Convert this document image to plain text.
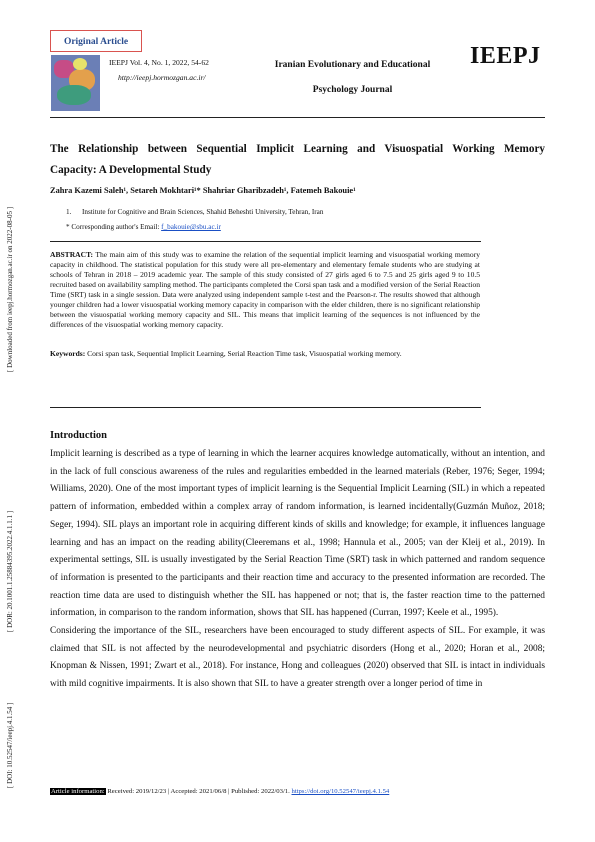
Original Article
IEEPJ Vol. 4, No. 1, 2022, 54-62
http://ieepj.hormozgan.ac.ir/
Iranian Evolutionary and Educational
Psychology Journal
IEEPJ
The Relationship between Sequential Implicit Learning and Visuospatial Working Memory
Capacity: A Developmental Study
Zahra Kazemi Saleh¹, Setareh Mokhtari¹* Shahriar Gharibzadeh¹, Fatemeh Bakouie¹
1. Institute for Cognitive and Brain Sciences, Shahid Beheshti University, Tehran, Iran
* Corresponding author's Email: f_bakouie@sbu.ac.ir
ABSTRACT: The main aim of this study was to examine the relation of the sequential implicit learning and visuospatial working memory capacity in childhood. The statistical population for this study were all pre-elementary and elementary female students who are studying at schools of Tehran in 2018 – 2019 academic year. The sample of this study consisted of 27 girls aged 6 to 7.5 and 25 girls aged 9 to 10.5 recruited based on availability sampling method. The participants completed the Corsi span task and a modified version of the Serial Reaction Time (SRT) task in a single session. Data were analyzed using independent sample t-test and the Pearson-r. The results showed that although younger children had a lower visuospatial working memory capacity in comparison with the elder children, there is no significant relationship between the visuospatial working memory capacity and SIL. This means that implicit learning of the sequences is not influenced by the differences of the visuospatial working memory capacity.
Keywords: Corsi span task, Sequential Implicit Learning, Serial Reaction Time task, Visuospatial working memory.
Introduction

Implicit learning is described as a type of learning in which the learner acquires knowledge automatically, without an intention, and in the lack of full conscious awareness of the rules and regularities embedded in the learned materials (Reber, 1976; Seger, 1994; Williams, 2020). One of the most important types of implicit learning is the Sequential Implicit Learning (SIL) in which a repeated pattern of information, embedded within a complex array of random information, is learned incidentally(Guzmán Muñoz, 2018; Seger, 1994). SIL plays an important role in acquiring different kinds of skills and knowledge; for example, it influences language learning and has an impact on the reading ability(Cleeremans et al., 1998; Hannula et al., 2005; van der Kleij et al., 2019). In experimental settings, SIL is usually investigated by the Serial Reaction Time (SRT) task in which patterned and random sequence of information is presented to the participants and their reaction time and accuracy to the presented information are recorded. The reaction time data are used to distinguish whether the SIL has happened or not; that is, the faster reaction time to the patterned information, in comparison to the random information, shows that SIL has happened (Curran, 1997; Keele et al., 1995).

Considering the importance of the SIL, researchers have been encouraged to study different aspects of SIL. For example, it was claimed that SIL is not affected by the neurodevelopmental and psychiatric disorders (Hong et al., 2020; Horan et al., 2008; Knopman & Nissen, 1991; Zwart et al., 2018). For instance, Hong and colleagues (2020) observed that SIL is intact in individuals with mild cognitive impairments. It is also shown that SIL to have a greater strength over a longer period of time in

[ Downloaded from ieepj.hormozgan.ac.ir on 2022-08-05 ]
[ DOR: 20.1001.1.25884395.2022.4.1.1.1 ]
[ DOI: 10.52547/ieepj.4.1.54 ]
Article information: Received: 2019/12/23 | Accepted: 2021/06/8 | Published: 2022/03/1. https://doi.org/10.52547/ieepj.4.1.54
